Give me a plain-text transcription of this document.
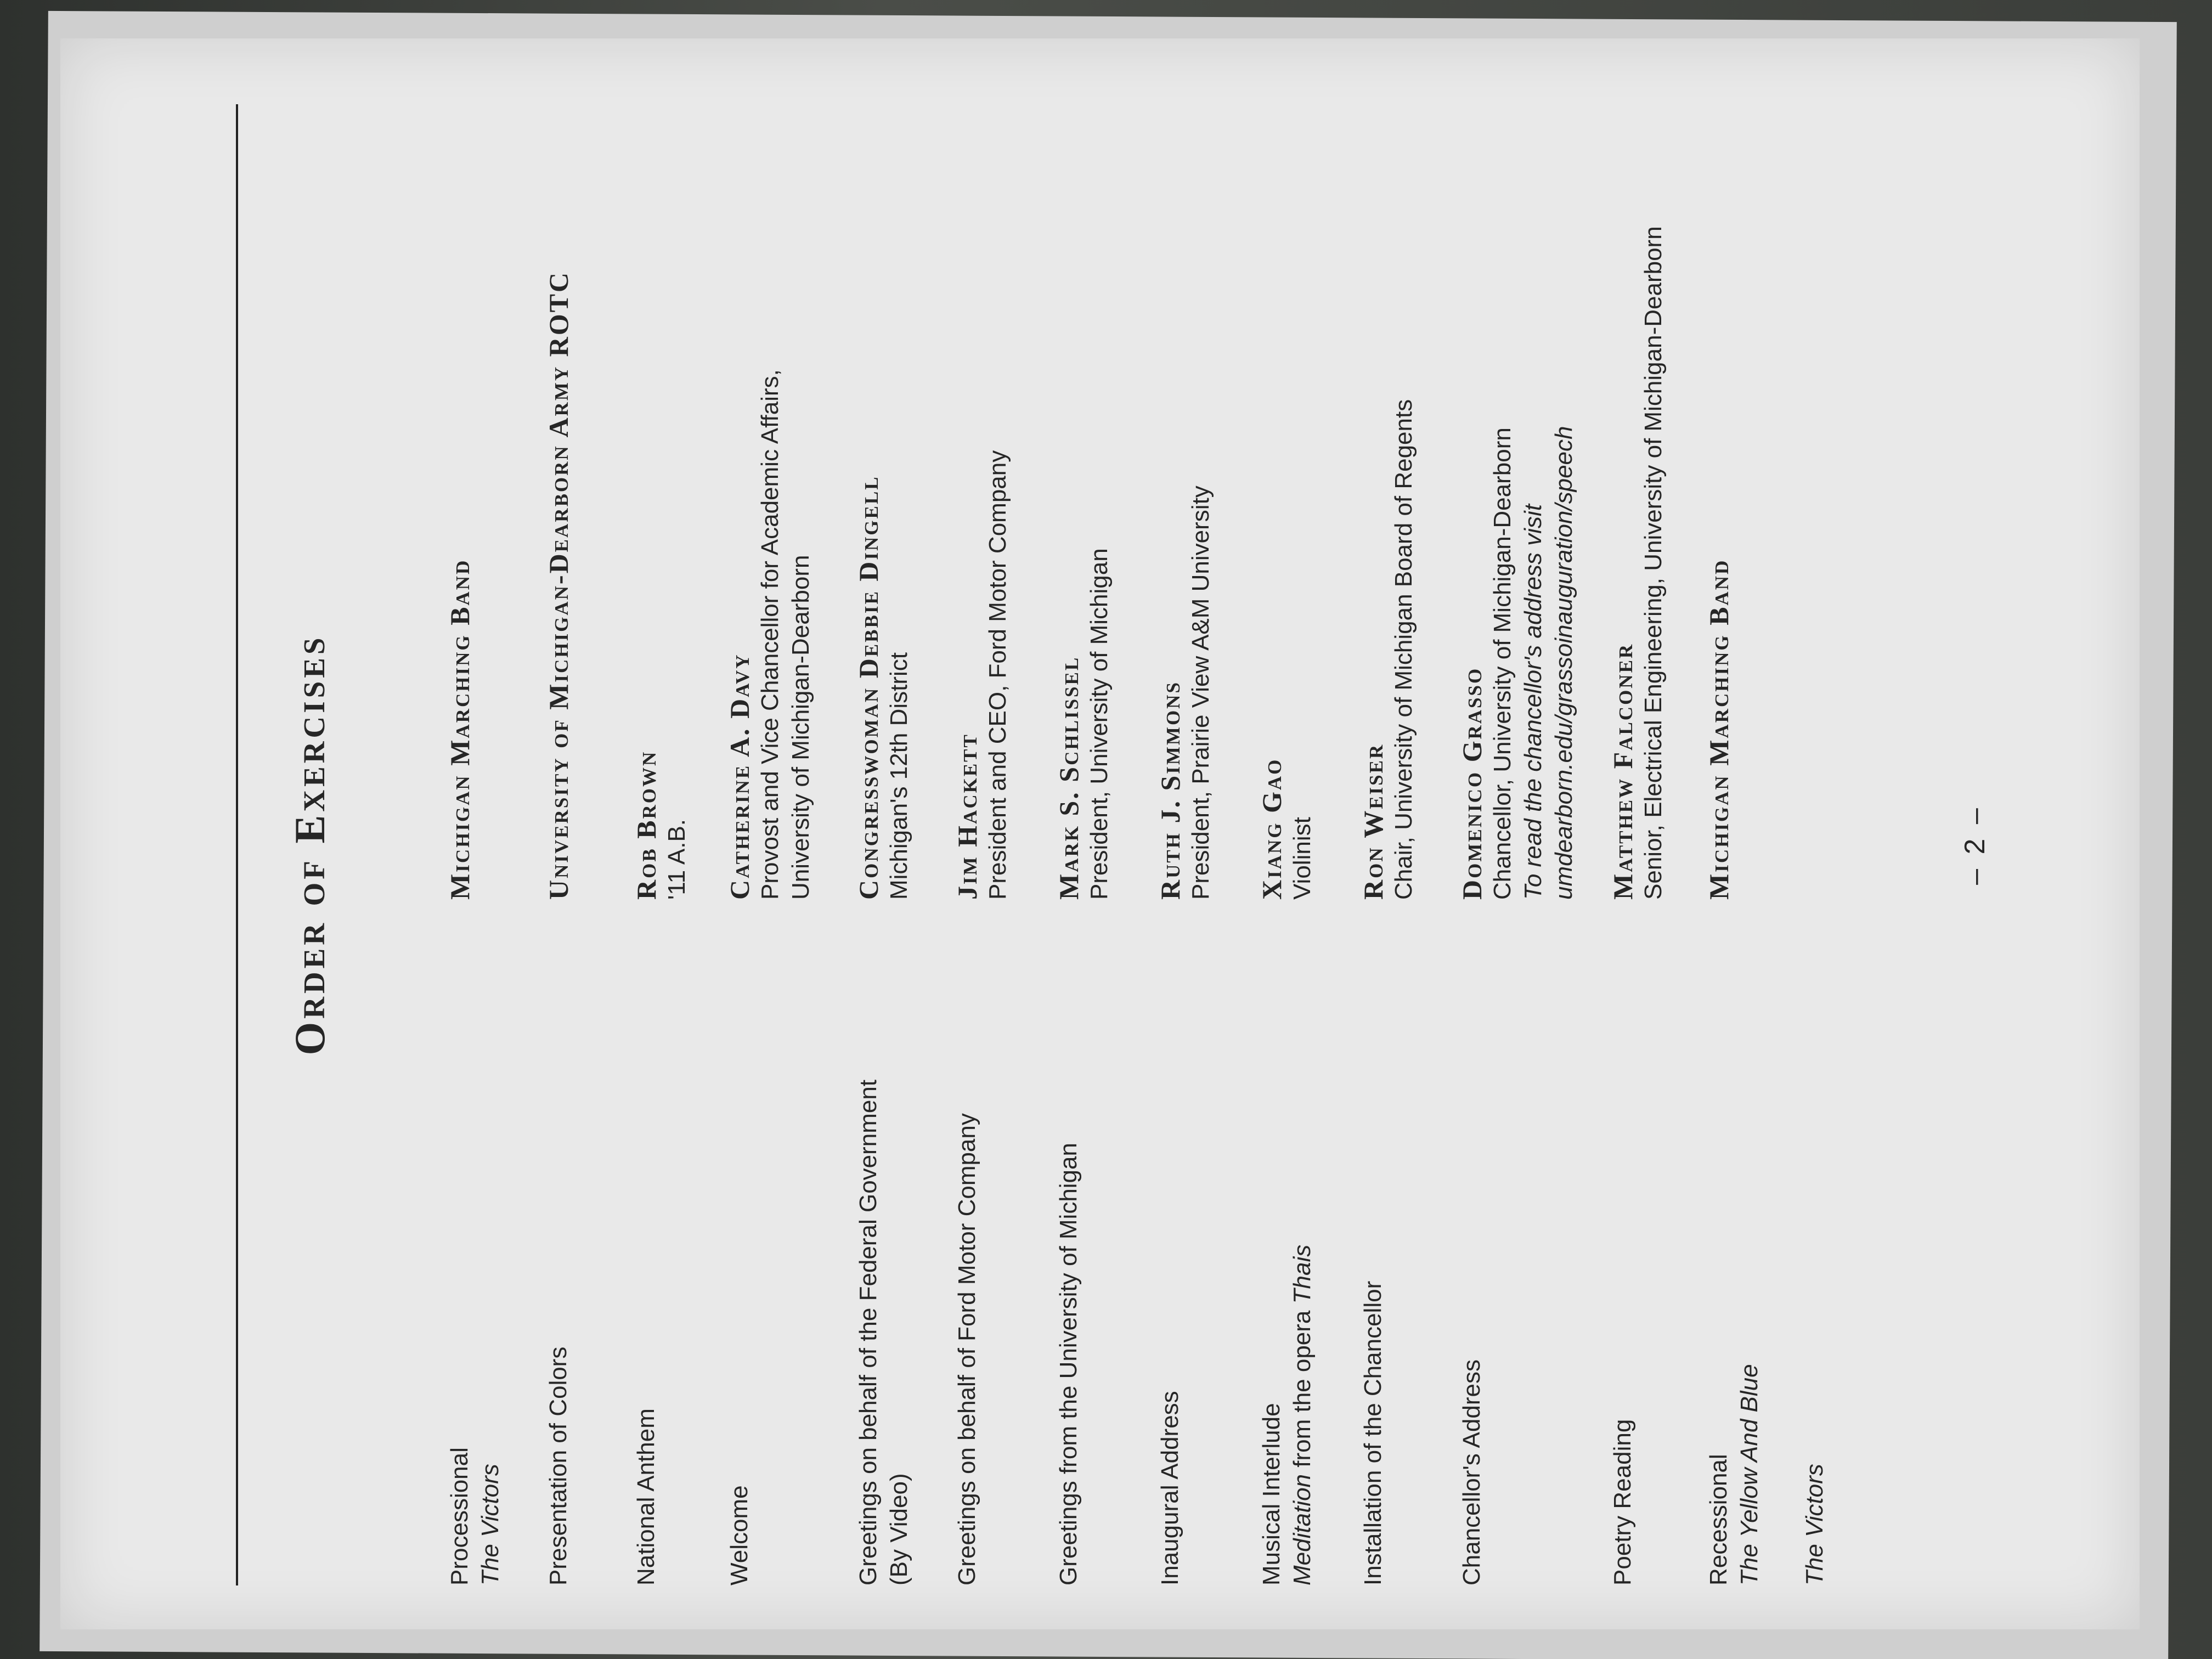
Order of Exercises
Processional The Victors
Michigan Marching Band
Presentation of Colors
University of Michigan-Dearborn Army ROTC
National Anthem
Rob Brown '11 A.B.
Welcome
Catherine A. Davy Provost and Vice Chancellor for Academic Affairs, University of Michigan-Dearborn
Greetings on behalf of the Federal Government (By Video)
Congresswoman Debbie Dingell Michigan's 12th District
Greetings on behalf of Ford Motor Company
Jim Hackett President and CEO, Ford Motor Company
Greetings from the University of Michigan
Mark S. Schlissel President, University of Michigan
Inaugural Address
Ruth J. Simmons President, Prairie View A&M University
Musical Interlude Meditation from the opera Thais
Xiang Gao Violinist
Installation of the Chancellor
Ron Weiser Chair, University of Michigan Board of Regents
Chancellor's Address
Domenico Grasso Chancellor, University of Michigan-Dearborn To read the chancellor's address visit umdearborn.edu/grassoinauguration/speech
Poetry Reading
Matthew Falconer Senior, Electrical Engineering, University of Michigan-Dearborn
Recessional The Yellow And Blue
Michigan Marching Band
The Victors
– 2 –
